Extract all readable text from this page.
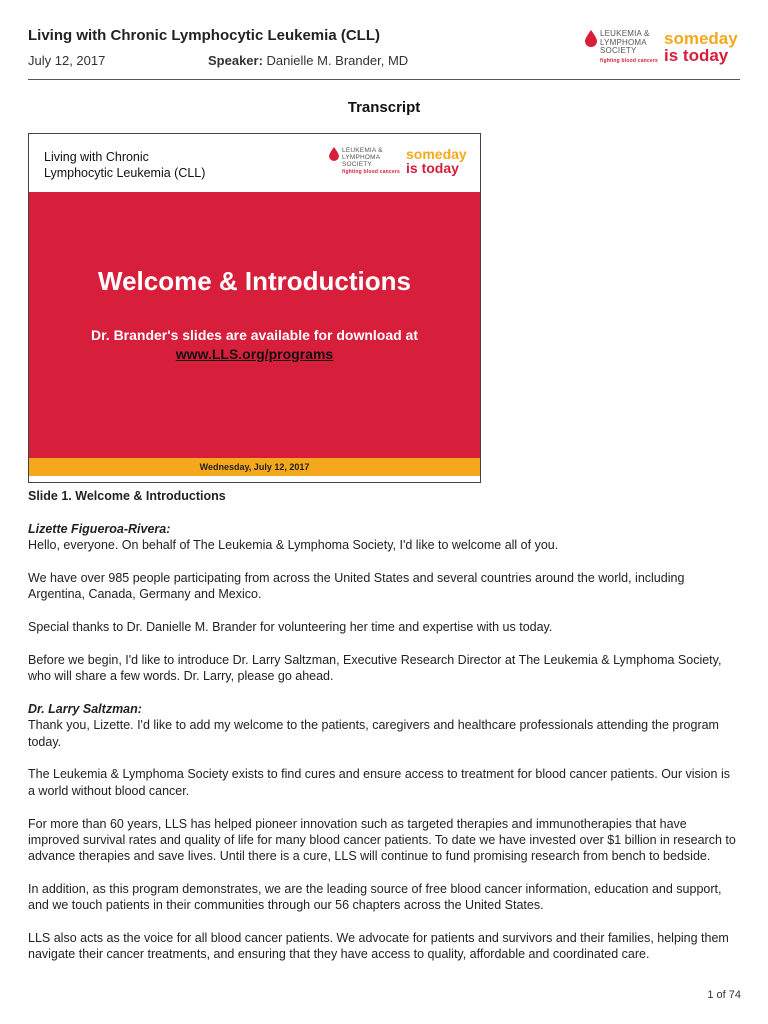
Living with Chronic Lymphocytic Leukemia (CLL)
July 12, 2017	Speaker: Danielle M. Brander, MD
LEUKEMIA &
LYMPHOMA
SOCIETY
fighting blood cancers
someday
is today
Transcript
Living with Chronic
Lymphocytic Leukemia (CLL)
LEUKEMIA &
LYMPHOMA
SOCIETY
fighting blood cancers
someday
is today
Welcome & Introductions
Dr. Brander's slides are available for download at
www.LLS.org/programs
Wednesday, July 12, 2017
Slide 1. Welcome & Introductions

Lizette Figueroa-Rivera:

Hello, everyone. On behalf of The Leukemia & Lymphoma Society, I'd like to welcome all of you.

We have over 985 people participating from across the United States and several countries around the world, including Argentina, Canada, Germany and Mexico.

Special thanks to Dr. Danielle M. Brander for volunteering her time and expertise with us today.

Before we begin, I'd like to introduce Dr. Larry Saltzman, Executive Research Director at The Leukemia & Lymphoma Society, who will share a few words. Dr. Larry, please go ahead.

Dr. Larry Saltzman:

Thank you, Lizette. I'd like to add my welcome to the patients, caregivers and healthcare professionals attending the program today.

The Leukemia & Lymphoma Society exists to find cures and ensure access to treatment for blood cancer patients. Our vision is a world without blood cancer.

For more than 60 years, LLS has helped pioneer innovation such as targeted therapies and immunotherapies that have improved survival rates and quality of life for many blood cancer patients. To date we have invested over $1 billion in research to advance therapies and save lives. Until there is a cure, LLS will continue to fund promising research from bench to bedside.

In addition, as this program demonstrates, we are the leading source of free blood cancer information, education and support, and we touch patients in their communities through our 56 chapters across the United States.

LLS also acts as the voice for all blood cancer patients. We advocate for patients and survivors and their families, helping them navigate their cancer treatments, and ensuring that they have access to quality, affordable and coordinated care.

1 of 74
